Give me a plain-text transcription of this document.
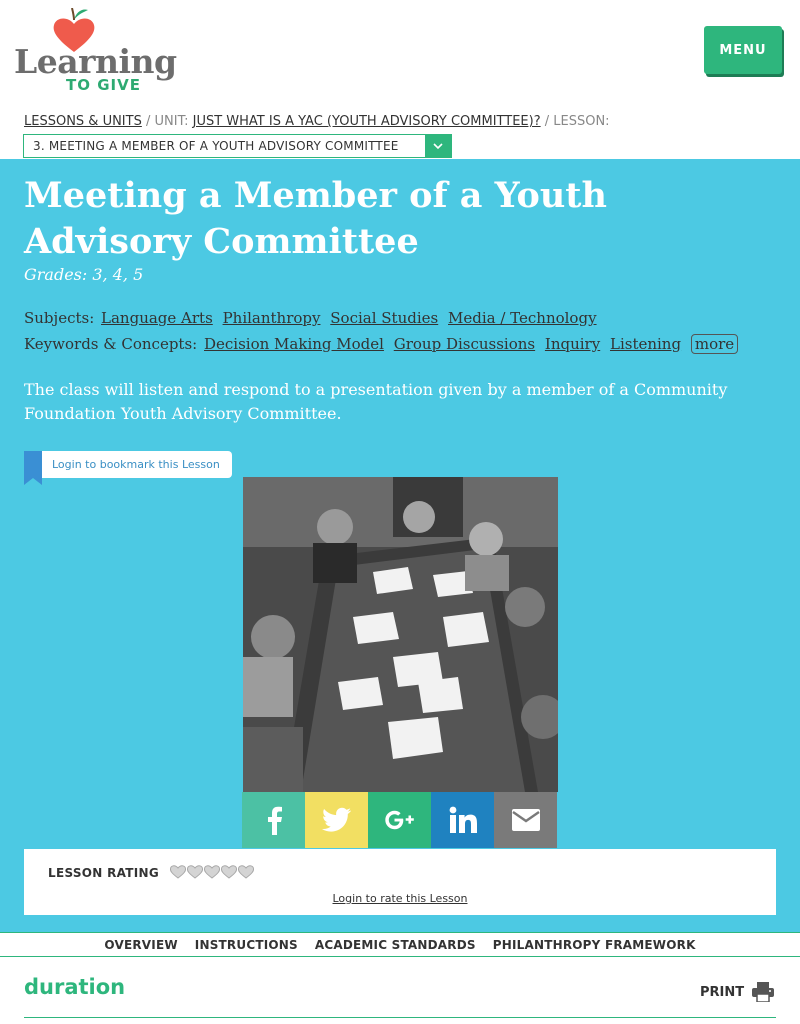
Learning
TO GIVE
MENU
LESSONS & UNITS / UNIT: JUST WHAT IS A YAC (YOUTH ADVISORY COMMITTEE)? / LESSON:
3. MEETING A MEMBER OF A YOUTH ADVISORY COMMITTEE
Meeting a Member of a Youth Advisory Committee
Grades: 3, 4, 5
Subjects: Language Arts Philanthropy Social Studies Media / Technology
Keywords & Concepts: Decision Making Model Group Discussions Inquiry Listening more

The class will listen and respond to a presentation given by a member of a Community Foundation Youth Advisory Committee.

Login to bookmark this Lesson
LESSON RATING
Login to rate this Lesson
OVERVIEW INSTRUCTIONS ACADEMIC STANDARDS PHILANTHROPY FRAMEWORK
duration	PRINT
